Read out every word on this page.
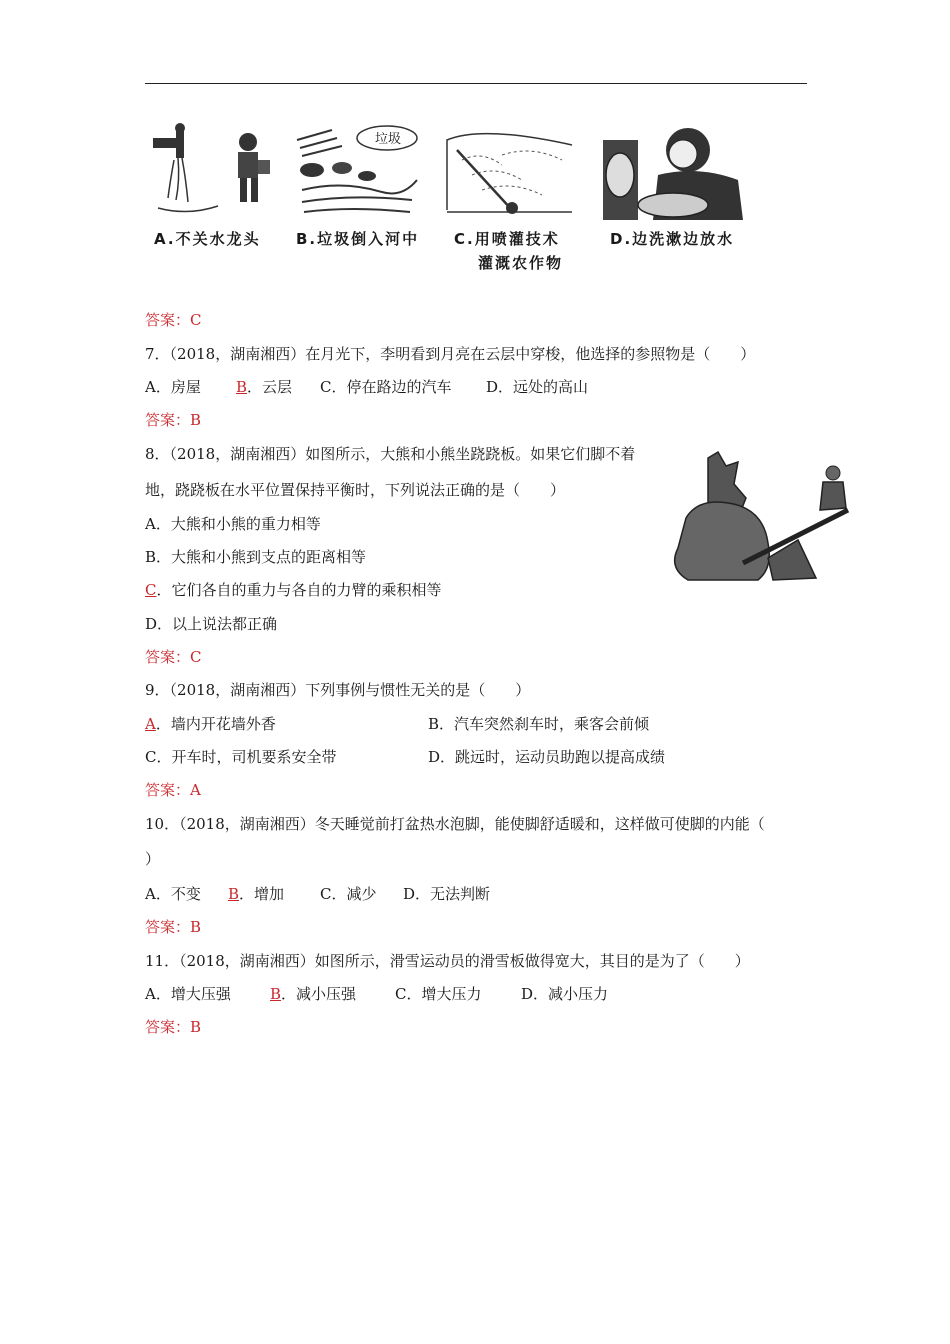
A.不关水龙头
垃圾
B.垃圾倒入河中 C.用喷灌技术
灌溉农作物
D.边洗漱边放水
答案：C
7．（2018，湖南湘西）在月光下，李明看到月亮在云层中穿梭，他选择的参照物是（　　）
A．房屋 B．云层 C．停在路边的汽车 D．远处的高山
答案：B
8．（2018，湖南湘西）如图所示，大熊和小熊坐跷跷板。如果它们脚不着
地，跷跷板在水平位置保持平衡时，下列说法正确的是（　　）
A．大熊和小熊的重力相等
B．大熊和小熊到支点的距离相等
C．它们各自的重力与各自的力臂的乘积相等
D．以上说法都正确
答案：C
9．（2018，湖南湘西）下列事例与惯性无关的是（　　）
A．墙内开花墙外香	B．汽车突然刹车时，乘客会前倾
C．开车时，司机要系安全带	D．跳远时，运动员助跑以提高成绩
答案：A
10．（2018，湖南湘西）冬天睡觉前打盆热水泡脚，能使脚舒适暖和，这样做可使脚的内能（
）
A．不变 B．增加 C．减少 D．无法判断
答案：B
11．（2018，湖南湘西）如图所示，滑雪运动员的滑雪板做得宽大，其目的是为了（　　）
A．增大压强	B．减小压强	C．增大压力	D．减小压力
答案：B
